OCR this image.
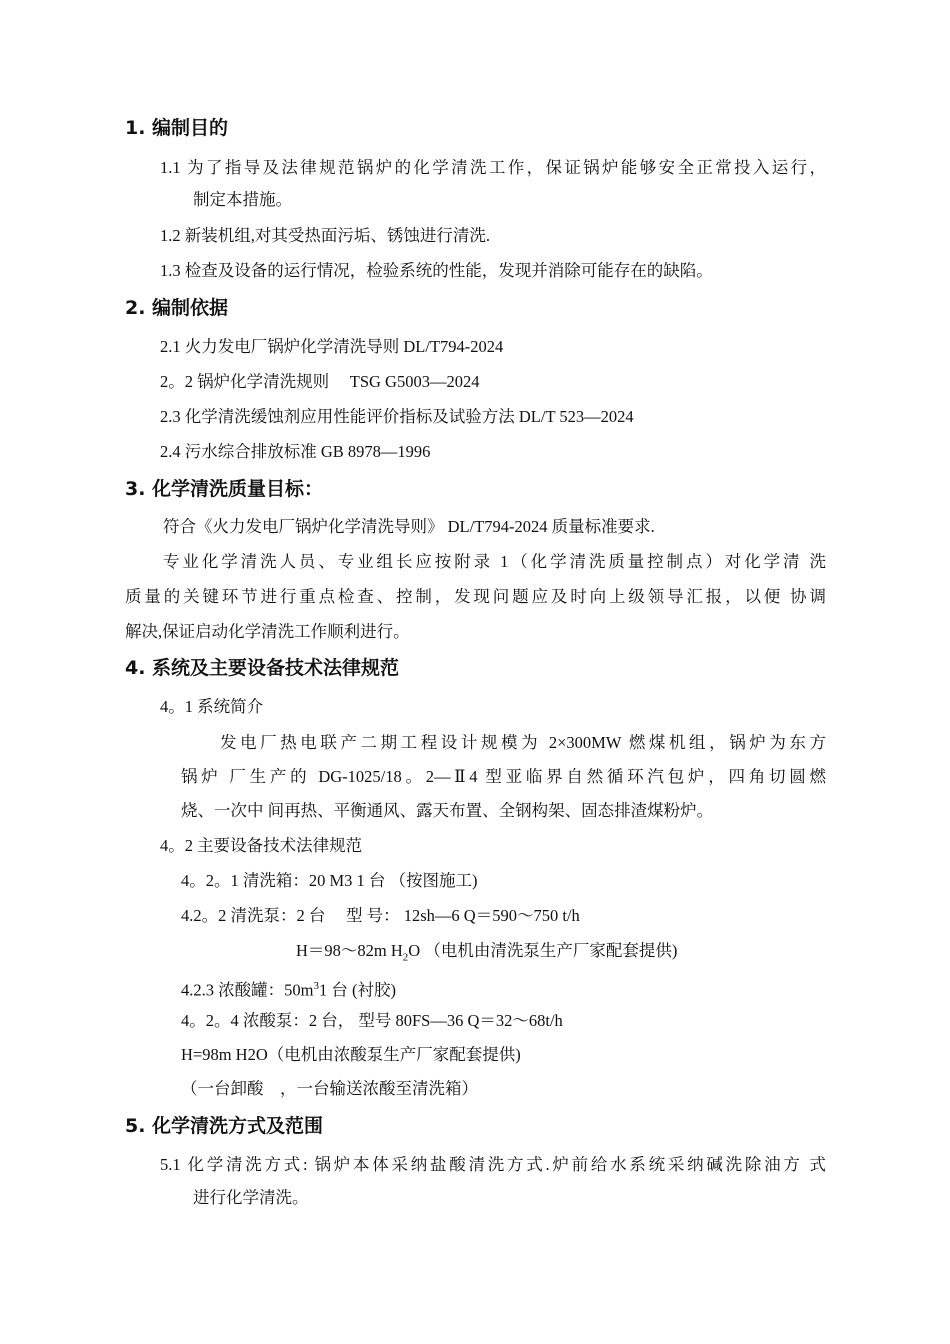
1. 编制目的
1.1 为了指导及法律规范锅炉的化学清洗工作，保证锅炉能够安全正常投入运行，
制定本措施。
1.2 新装机组,对其受热面污垢、锈蚀进行清洗.
1.3 检查及设备的运行情况，检验系统的性能，发现并消除可能存在的缺陷。
2. 编制依据
2.1 火力发电厂锅炉化学清洗导则 DL/T794-2024
2。2 锅炉化学清洗规则　 TSG G5003—2024
2.3 化学清洗缓蚀剂应用性能评价指标及试验方法 DL/T 523—2024
2.4 污水综合排放标准 GB 8978—1996
3. 化学清洗质量目标：
符合《火力发电厂锅炉化学清洗导则》 DL/T794-2024 质量标准要求.
专业化学清洗人员、专业组长应按附录 1（化学清洗质量控制点）对化学清 洗
质量的关键环节进行重点检查、控制，发现问题应及时向上级领导汇报，以便 协调
解决,保证启动化学清洗工作顺利进行。
4. 系统及主要设备技术法律规范
4。1 系统简介
发电厂热电联产二期工程设计规模为 2×300MW 燃煤机组，锅炉为东方
锅炉 厂生产的 DG-1025/18。2—Ⅱ4 型亚临界自然循环汽包炉，四角切圆燃
烧、一次中 间再热、平衡通风、露天布置、全钢构架、固态排渣煤粉炉。
4。2 主要设备技术法律规范
4。2。1 清洗箱：20 M3 1 台 （按图施工)
4.2。2 清洗泵：2 台　 型 号： 12sh—6 Q＝590～750 t/h
H＝98～82m $H_2O$ （电机由清洗泵生产厂家配套提供)
4.2.3 浓酸罐：$50m^31$ 台 (衬胶)
4。2。4 浓酸泵：2 台， 型号 80FS—36 Q＝32～68t/h
H=98m H2O（电机由浓酸泵生产厂家配套提供)
（一台卸酸　，一台输送浓酸至清洗箱）
5. 化学清洗方式及范围
5.1 化学清洗方式: 锅炉本体采纳盐酸清洗方式.炉前给水系统采纳碱洗除油方 式
进行化学清洗。
